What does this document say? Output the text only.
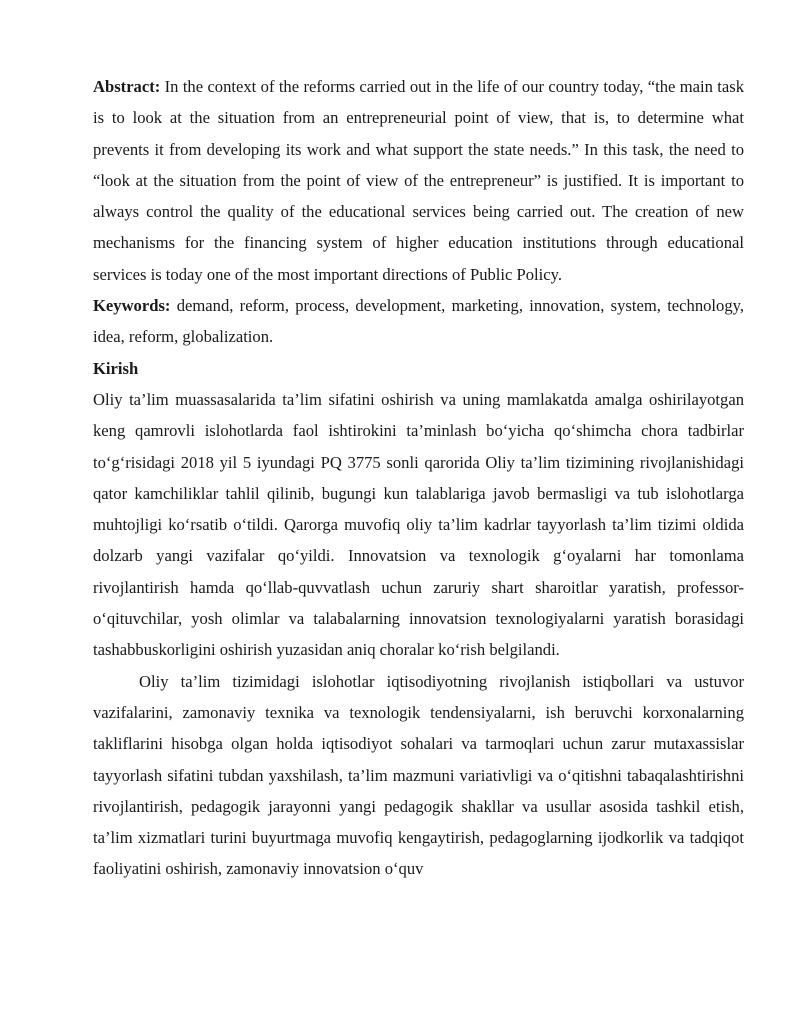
Abstract: In the context of the reforms carried out in the life of our country today, “the main task is to look at the situation from an entrepreneurial point of view, that is, to determine what prevents it from developing its work and what support the state needs.” In this task, the need to “look at the situation from the point of view of the entrepreneur” is justified. It is important to always control the quality of the educational services being carried out. The creation of new mechanisms for the financing system of higher education institutions through educational services is today one of the most important directions of Public Policy.

Keywords: demand, reform, process, development, marketing, innovation, system, technology, idea, reform, globalization.

Kirish

Oliy ta’lim muassasalarida ta’lim sifatini oshirish va uning mamlakatda amalga oshirilayotgan keng qamrovli islohotlarda faol ishtirokini ta’minlash bo‘yicha qo‘shimcha chora tadbirlar to‘g‘risidagi 2018 yil 5 iyundagi PQ 3775 sonli qarorida Oliy ta’lim tizimining rivojlanishidagi qator kamchiliklar tahlil qilinib, bugungi kun talablariga javob bermasligi va tub islohotlarga muhtojligi ko‘rsatib o‘tildi. Qarorga muvofiq oliy ta’lim kadrlar tayyorlash ta’lim tizimi oldida dolzarb yangi vazifalar qo‘yildi. Innovatsion va texnologik g‘oyalarni har tomonlama rivojlantirish hamda qo‘llab-quvvatlash uchun zaruriy shart sharoitlar yaratish, professor- o‘qituvchilar, yosh olimlar va talabalarning innovatsion texnologiyalarni yaratish borasidagi tashabbuskorligini oshirish yuzasidan aniq choralar ko‘rish belgilandi.

Oliy ta’lim tizimidagi islohotlar iqtisodiyotning rivojlanish istiqbollari va ustuvor vazifalarini, zamonaviy texnika va texnologik tendensiyalarni, ish beruvchi korxonalarning takliflarini hisobga olgan holda iqtisodiyot sohalari va tarmoqlari uchun zarur mutaxassislar tayyorlash sifatini tubdan yaxshilash, ta’lim mazmuni variativligi va o‘qitishni tabaqalashtirishni rivojlantirish, pedagogik jarayonni yangi pedagogik shakllar va usullar asosida tashkil etish, ta’lim xizmatlari turini buyurtmaga muvofiq kengaytirish, pedagoglarning ijodkorlik va tadqiqot faoliyatini oshirish, zamonaviy innovatsion o‘quv
